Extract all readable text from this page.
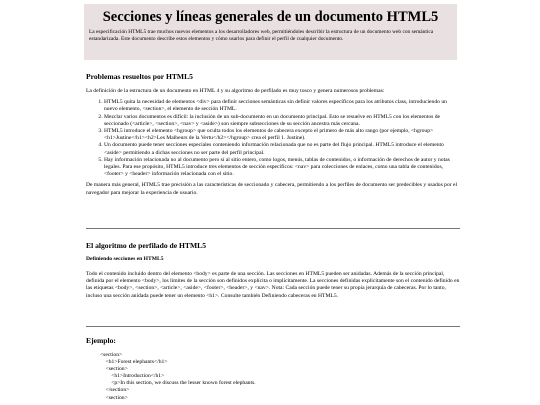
Secciones y líneas generales de un documento HTML5

La especificación HTML5 trae muchos nuevos elementos a los desarrolladores web, permitiéndoles describir la estructura de un documento web con semántica estandarizada. Este documento describe estos elementos y cómo usarlos para definir el perfil de cualquier documento.

Problemas resueltos por HTML5

La definición de la estructura de un documento en HTML 4 y su algoritmo de perfilado es muy tosco y genera numerosos problemas:

1. HTML5 quita la necesidad de elementos <div> para definir secciones semánticas sin definir valores específicos para los atributos class, introduciendo un nuevo elemento, <section>, el elemento de sección HTML.
2. Mezclar varios documentos es difícil: la inclusión de un sub-documento en un documento principal. Esto se resuelve en HTML5 con los elementos de seccionado (<article>, <section>, <nav> y <aside>) son siempre subsecciones de su sección ancestra más cercana.
3. HTML5 introduce el elemento <hgroup> que oculta todos los elementos de cabecera excepto el primero de más alto rango (por ejemplo, <hgroup><h1>Justine</h1><h2>Les Malheurs de la Vertu</h2></hgroup> crea el perfil 1. Justine).
4. Un documento puede tener secciones especiales conteniendo información relacionada que no es parte del flujo principal. HTML5 introduce el elemento <aside> permitiendo a dichas secciones no ser parte del perfil principal.
5. Hay información relacionada no al documento pero sí al sitio entero, como logos, menús, tablas de contenidos, o información de derechos de autor y notas legales. Para ese propósito, HTML5 introduce tres elementos de sección específicos: <nav> para colecciones de enlaces, como una tabla de contenidos, <footer> y <header> información relacionada con el sitio.

De manera más general, HTML5 trae precisión a las características de seccionado y cabecera, permitiendo a los perfiles de documento ser predecibles y usados por el navegador para mejorar la experiencia de usuario.

El algoritmo de perfilado de HTML5
Definiendo secciones en HTML5

Todo el contenido incluido dentro del elemento <body> es parte de una sección. Las secciones en HTML5 pueden ser anidadas. Además de la sección principal, definida por el elemento <body>, los límites de la sección son definidos explícita o implícitamente. La secciones definidas explícitamente son el contenido definido en las etiquetas <body>, <section>, <article>, <aside>, <footer>, <header>, y <nav>. Nota: Cada sección puede tener su propia jerarquía de cabeceras. Por lo tanto, incluso una sección anidada puede tener un elemento <h1>. Consulte también Definiendo cabeceras en HTML5.

Ejemplo:
<section>
<h1>Forest elephants</h1>
<section>
<h1>Introduction</h1>
<p>In this section, we discuss the lesser known forest elephants.
</section>
<section>
